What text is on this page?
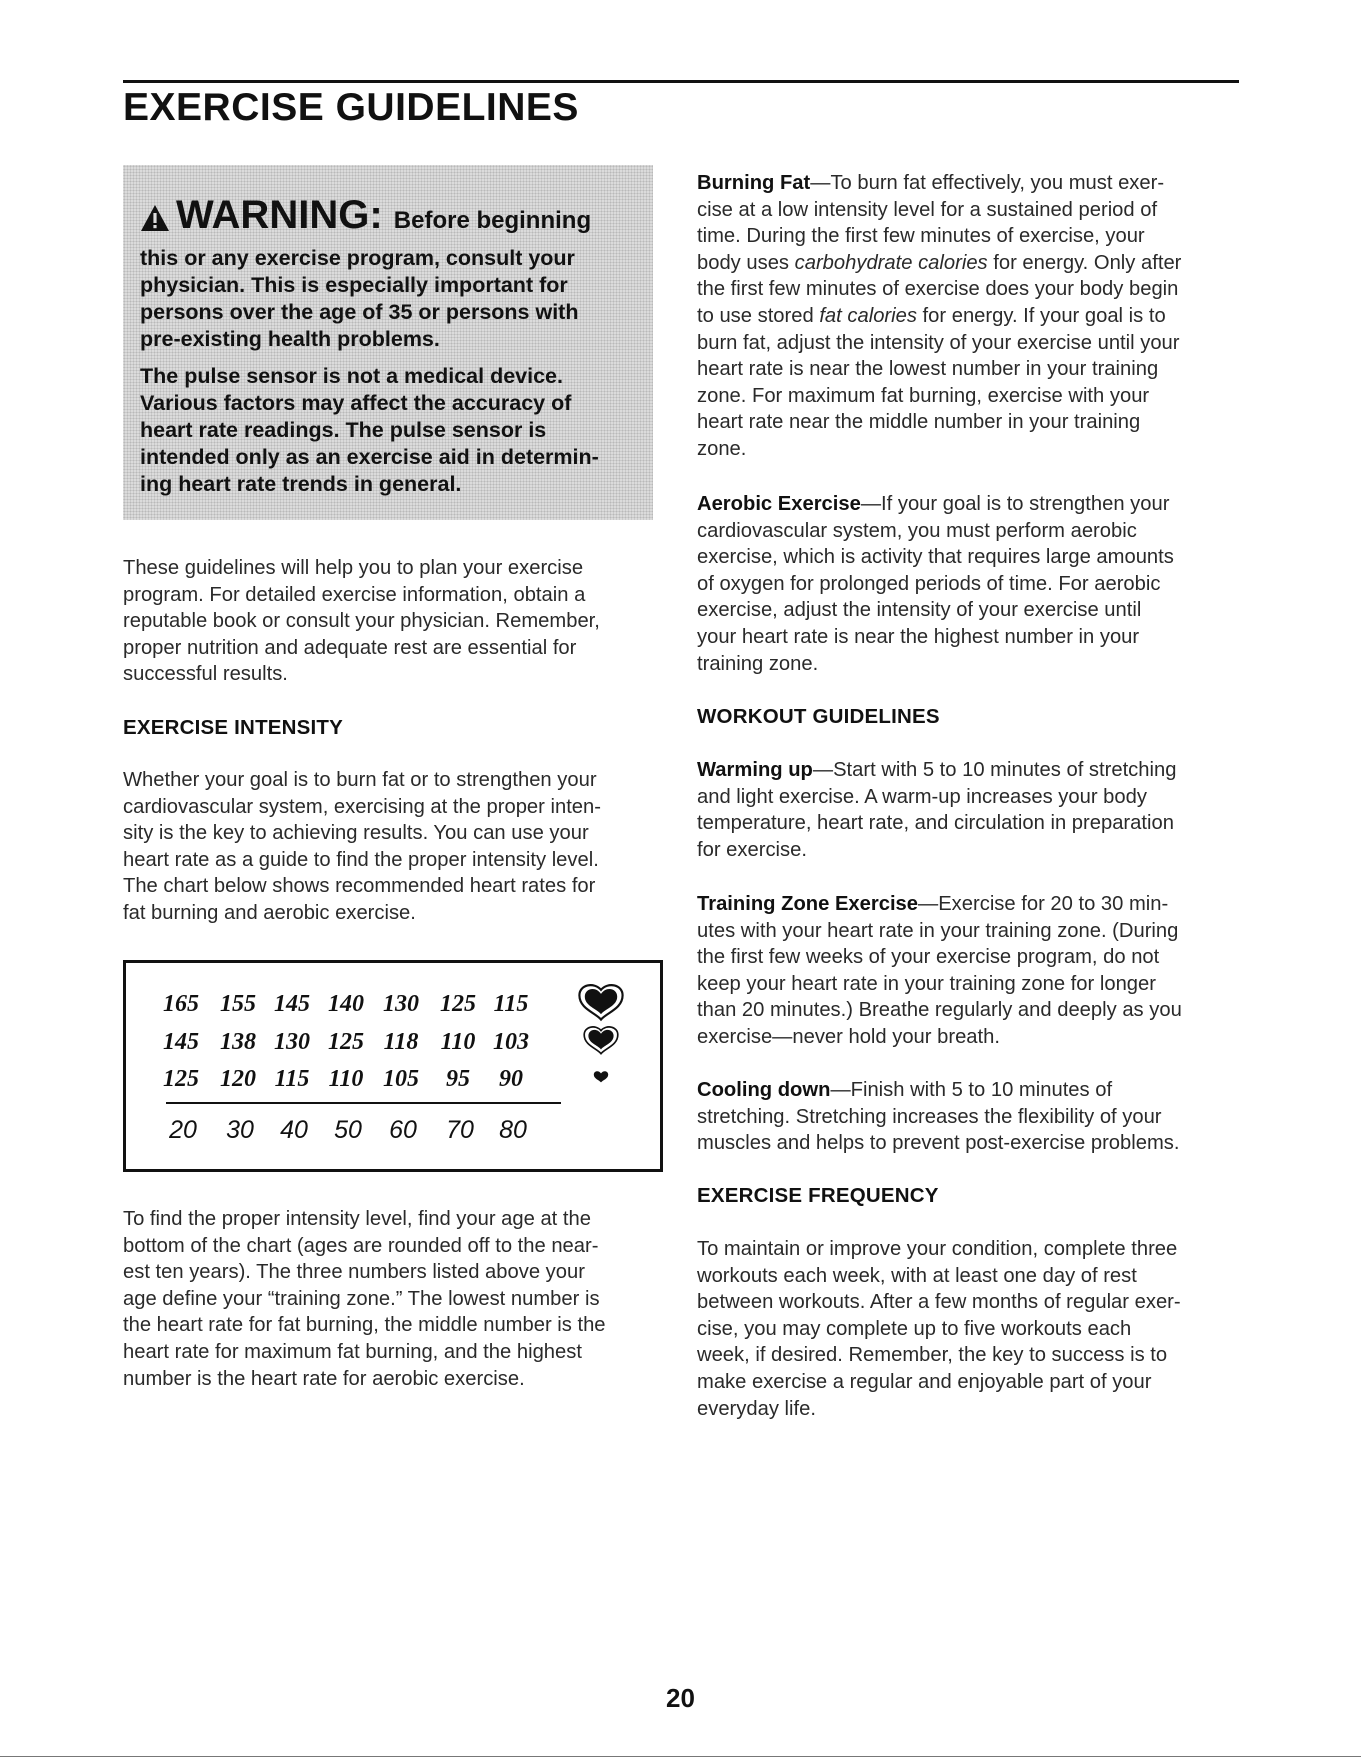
EXERCISE GUIDELINES
WARNING: Before beginning

this or any exercise program, consult your

physician. This is especially important for

persons over the age of 35 or persons with

pre-existing health problems.

The pulse sensor is not a medical device.

Various factors may affect the accuracy of

heart rate readings. The pulse sensor is

intended only as an exercise aid in determin-

ing heart rate trends in general.

These guidelines will help you to plan your exercise

program. For detailed exercise information, obtain a

reputable book or consult your physician. Remember,

proper nutrition and adequate rest are essential for

successful results.

EXERCISE INTENSITY

Whether your goal is to burn fat or to strengthen your

cardiovascular system, exercising at the proper inten-

sity is the key to achieving results. You can use your

heart rate as a guide to find the proper intensity level.

The chart below shows recommended heart rates for

fat burning and aerobic exercise.

To find the proper intensity level, find your age at the

bottom of the chart (ages are rounded off to the near-

est ten years). The three numbers listed above your

age define your “training zone.” The lowest number is

the heart rate for fat burning, the middle number is the

heart rate for maximum fat burning, and the highest

number is the heart rate for aerobic exercise.

165 155 145 140 130 125 115
145 138 130 125 118 110 103
125 120 115 110 105 95 90
20 30 40 50 60 70 80

Burning Fat—To burn fat effectively, you must exer-

cise at a low intensity level for a sustained period of

time. During the first few minutes of exercise, your

body uses carbohydrate calories for energy. Only after

the first few minutes of exercise does your body begin

to use stored fat calories for energy. If your goal is to

burn fat, adjust the intensity of your exercise until your

heart rate is near the lowest number in your training

zone. For maximum fat burning, exercise with your

heart rate near the middle number in your training

zone.

Aerobic Exercise—If your goal is to strengthen your

cardiovascular system, you must perform aerobic

exercise, which is activity that requires large amounts

of oxygen for prolonged periods of time. For aerobic

exercise, adjust the intensity of your exercise until

your heart rate is near the highest number in your

training zone.

WORKOUT GUIDELINES

Warming up—Start with 5 to 10 minutes of stretching

and light exercise. A warm-up increases your body

temperature, heart rate, and circulation in preparation

for exercise.

Training Zone Exercise—Exercise for 20 to 30 min-

utes with your heart rate in your training zone. (During

the first few weeks of your exercise program, do not

keep your heart rate in your training zone for longer

than 20 minutes.) Breathe regularly and deeply as you

exercise—never hold your breath.

Cooling down—Finish with 5 to 10 minutes of

stretching. Stretching increases the flexibility of your

muscles and helps to prevent post-exercise problems.

EXERCISE FREQUENCY

To maintain or improve your condition, complete three

workouts each week, with at least one day of rest

between workouts. After a few months of regular exer-

cise, you may complete up to five workouts each

week, if desired. Remember, the key to success is to

make exercise a regular and enjoyable part of your

everyday life.

20
